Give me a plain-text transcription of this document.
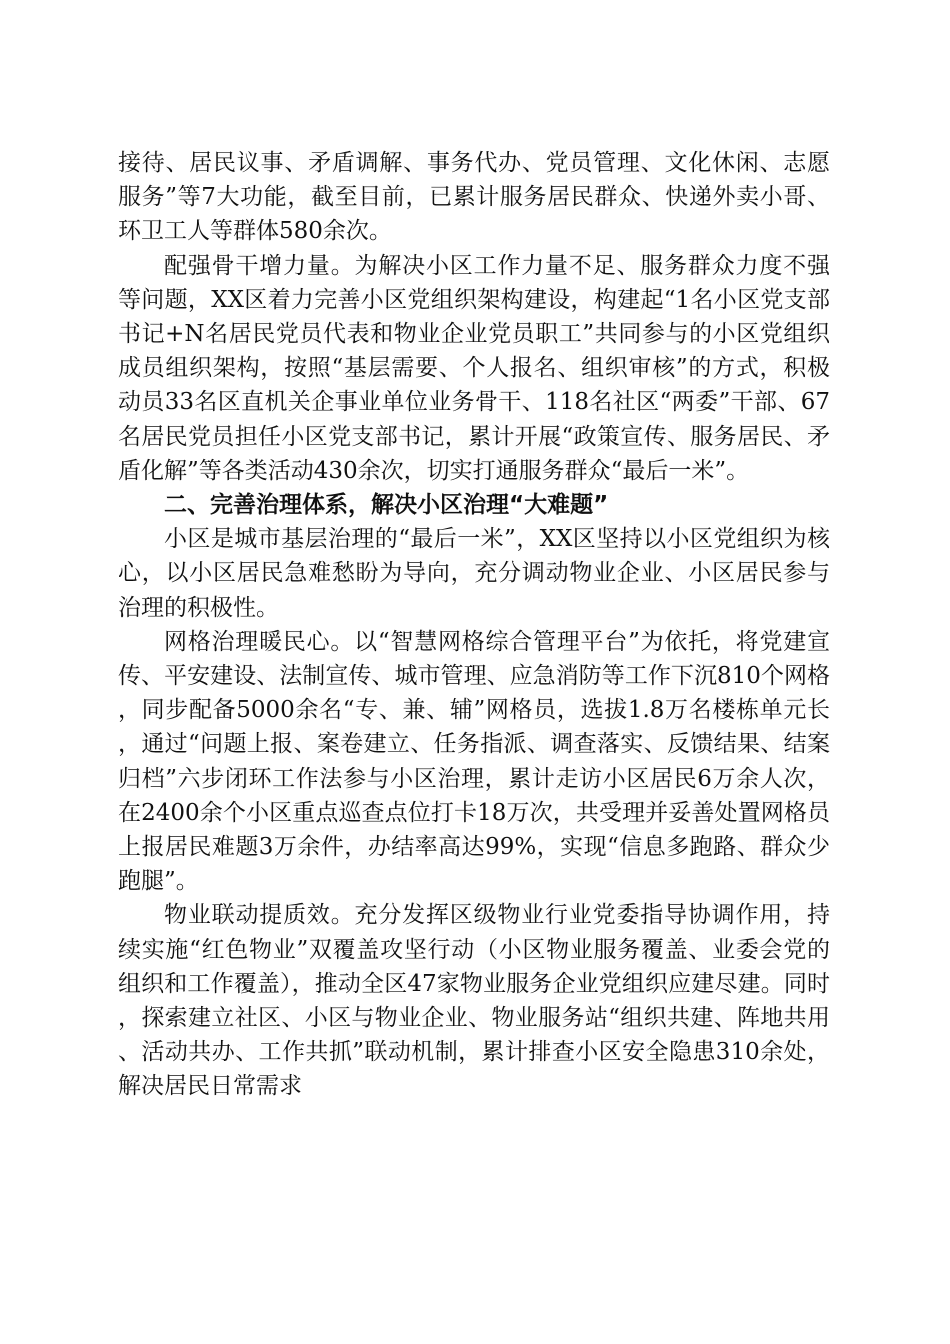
接待、居民议事、矛盾调解、事务代办、党员管理、文化休闲、志愿服务”等7大功能，截至目前，已累计服务居民群众、快递外卖小哥、环卫工人等群体580余次。

配强骨干增力量。为解决小区工作力量不足、服务群众力度不强等问题，XX区着力完善小区党组织架构建设，构建起“1名小区党支部书记+N名居民党员代表和物业企业党员职工”共同参与的小区党组织成员组织架构，按照“基层需要、个人报名、组织审核”的方式，积极动员33名区直机关企事业单位业务骨干、118名社区“两委”干部、67名居民党员担任小区党支部书记，累计开展“政策宣传、服务居民、矛盾化解”等各类活动430余次，切实打通服务群众“最后一米”。

二、完善治理体系，解决小区治理“大难题”

小区是城市基层治理的“最后一米”，XX区坚持以小区党组织为核心，以小区居民急难愁盼为导向，充分调动物业企业、小区居民参与治理的积极性。

网格治理暖民心。以“智慧网格综合管理平台”为依托，将党建宣传、平安建设、法制宣传、城市管理、应急消防等工作下沉810个网格，同步配备5000余名“专、兼、辅”网格员，选拔1.8万名楼栋单元长，通过“问题上报、案卷建立、任务指派、调查落实、反馈结果、结案归档”六步闭环工作法参与小区治理，累计走访小区居民6万余人次，在2400余个小区重点巡查点位打卡18万次，共受理并妥善处置网格员上报居民难题3万余件，办结率高达99%，实现“信息多跑路、群众少跑腿”。

物业联动提质效。充分发挥区级物业行业党委指导协调作用，持续实施“红色物业”双覆盖攻坚行动（小区物业服务覆盖、业委会党的组织和工作覆盖），推动全区47家物业服务企业党组织应建尽建。同时，探索建立社区、小区与物业企业、物业服务站“组织共建、阵地共用、活动共办、工作共抓”联动机制，累计排查小区安全隐患310余处，解决居民日常需求
